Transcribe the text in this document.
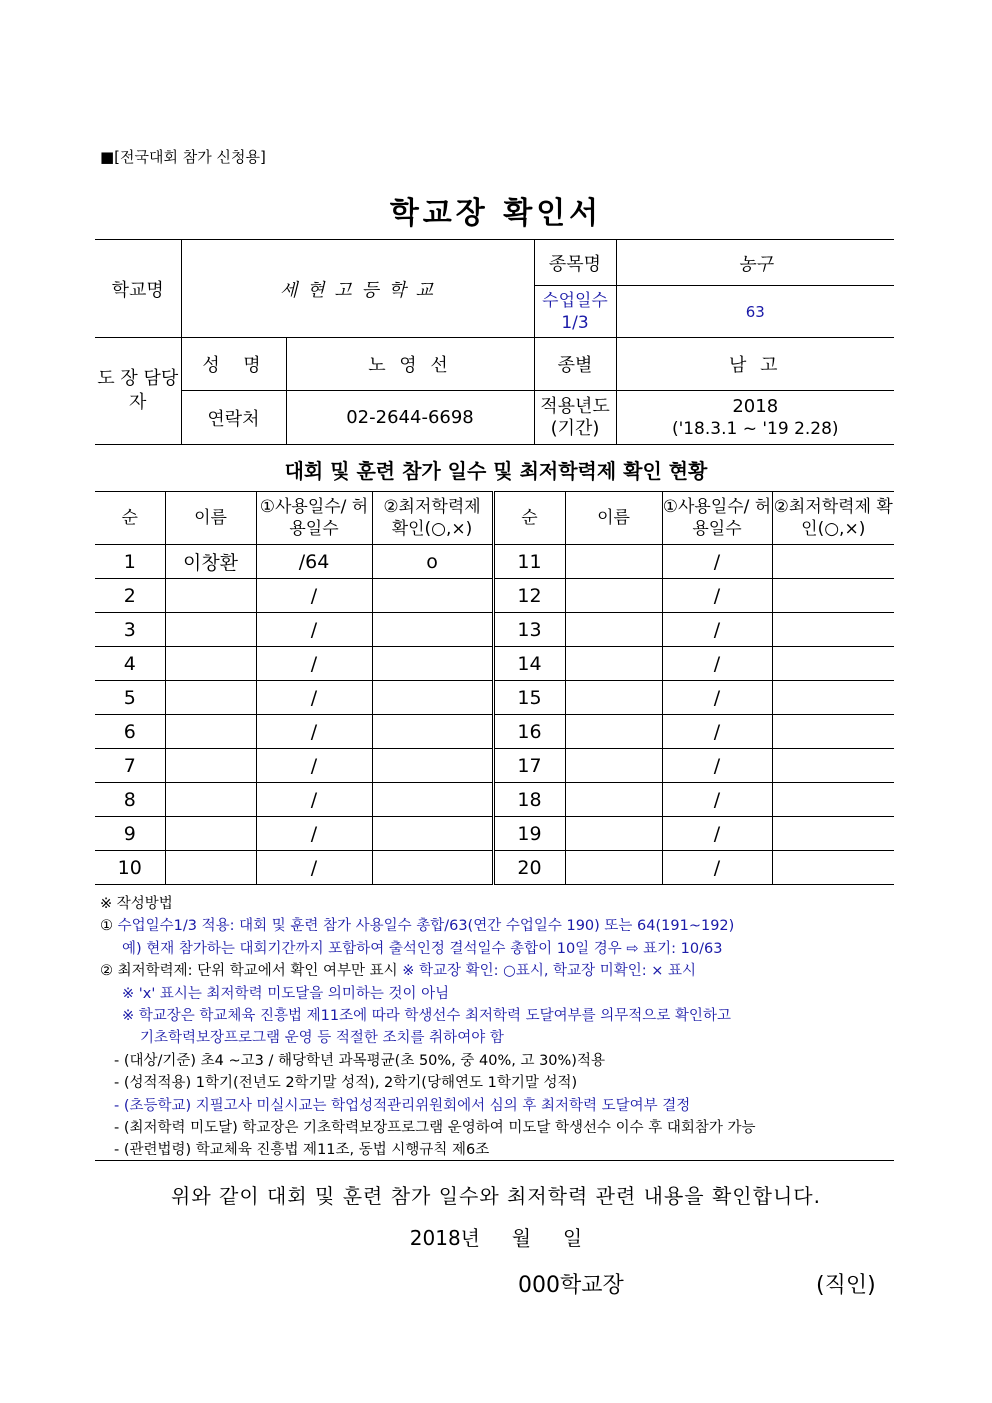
■[전국대회 참가 신청용]
학교장 확인서
학교명	세 현 고 등 학 교		종목명	농구
			수업일수 1/3	63
도 장 담당자	성  명	노 영 선	종별	남 고
	연락처	02-2644-6698	적용년도 (기간)	2018
('18.3.1 ~ '19 2.28)
대회 및 훈련 참가 일수 및 최저학력제 확인 현황
순	이름	①사용일수/ 허용일수	②최저학력제 확인(○,×)	순	이름	①사용일수/ 허용일수	②최저학력제 확인(○,×)
1	이창환	/64	o	11		/	
2		/		12		/	
3		/		13		/	
4		/		14		/	
5		/		15		/	
6		/		16		/	
7		/		17		/	
8		/		18		/	
9		/		19		/	
10		/		20		/	
※ 작성방법
① 수업일수1/3 적용: 대회 및 훈련 참가 사용일수 총합/63(연간 수업일수 190) 또는 64(191~192)
예) 현재 참가하는 대회기간까지 포함하여 출석인정 결석일수 총합이 10일 경우 ⇨ 표기: 10/63
② 최저학력제: 단위 학교에서 확인 여부만 표시 ※ 학교장 확인: ○표시, 학교장 미확인: × 표시
※ 'x' 표시는 최저학력 미도달을 의미하는 것이 아님
※ 학교장은 학교체육 진흥법 제11조에 따라 학생선수 최저학력 도달여부를 의무적으로 확인하고
기초학력보장프로그램 운영 등 적절한 조치를 취하여야 함
- (대상/기준) 초4 ~고3 / 해당학년 과목평균(초 50%, 중 40%, 고 30%)적용
- (성적적용) 1학기(전년도 2학기말 성적), 2학기(당해연도 1학기말 성적)
- (초등학교) 지필고사 미실시교는 학업성적관리위원회에서 심의 후 최저학력 도달여부 결정
- (최저학력 미도달) 학교장은 기초학력보장프로그램 운영하여 미도달 학생선수 이수 후 대회참가 가능
- (관련법령) 학교체육 진흥법 제11조, 동법 시행규칙 제6조
위와 같이 대회 및 훈련 참가 일수와 최저학력 관련 내용을 확인합니다.
2018년     월     일
000학교장	(직인)
